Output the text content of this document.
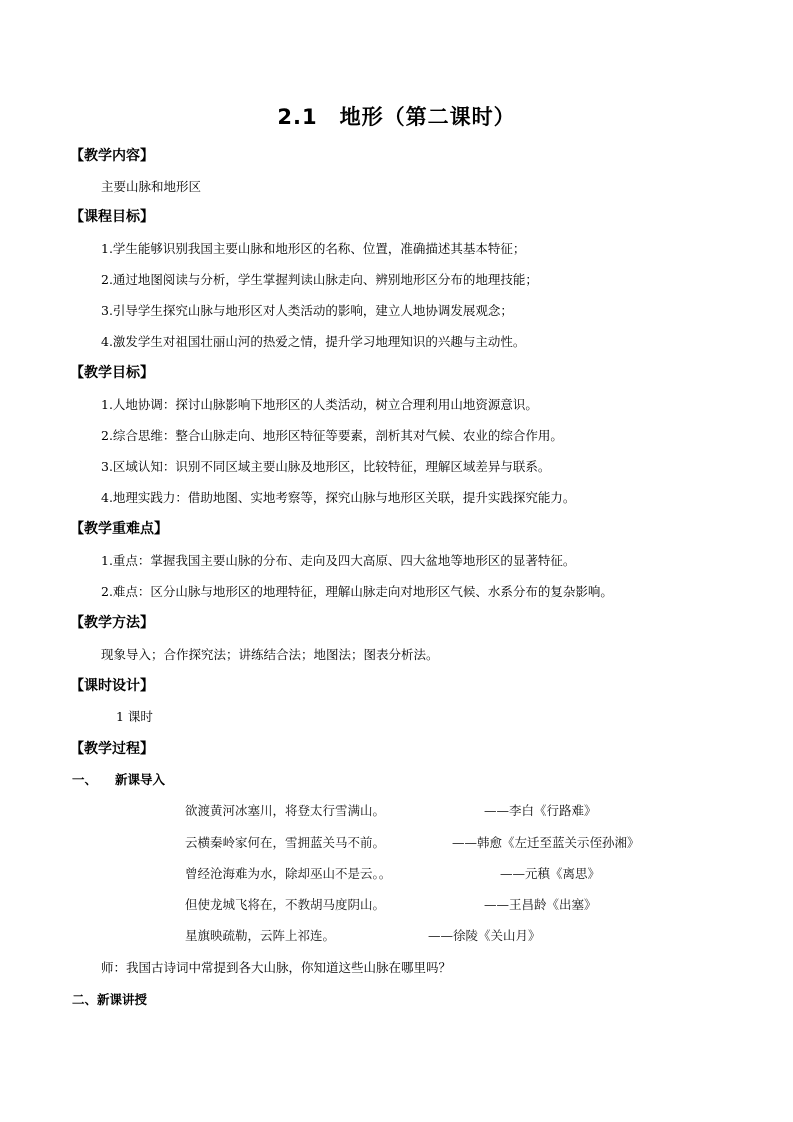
2.1 地形（第二课时）
【教学内容】
主要山脉和地形区
【课程目标】
1.学生能够识别我国主要山脉和地形区的名称、位置，准确描述其基本特征；
2.通过地图阅读与分析，学生掌握判读山脉走向、辨别地形区分布的地理技能；
3.引导学生探究山脉与地形区对人类活动的影响，建立人地协调发展观念；
4.激发学生对祖国壮丽山河的热爱之情，提升学习地理知识的兴趣与主动性。
【教学目标】
1.人地协调：探讨山脉影响下地形区的人类活动，树立合理利用山地资源意识。
2.综合思维：整合山脉走向、地形区特征等要素，剖析其对气候、农业的综合作用。
3.区域认知：识别不同区域主要山脉及地形区，比较特征，理解区域差异与联系。
4.地理实践力：借助地图、实地考察等，探究山脉与地形区关联，提升实践探究能力。
【教学重难点】
1.重点：掌握我国主要山脉的分布、走向及四大高原、四大盆地等地形区的显著特征。
2.难点：区分山脉与地形区的地理特征，理解山脉走向对地形区气候、水系分布的复杂影响。
【教学方法】
现象导入；合作探究法；讲练结合法；地图法；图表分析法。
【课时设计】
1 课时
【教学过程】
一、 新课导入
欲渡黄河冰塞川，将登太行雪满山。	——李白《行路难》
云横秦岭家何在，雪拥蓝关马不前。	——韩愈《左迁至蓝关示侄孙湘》
曾经沧海难为水，除却巫山不是云。。	——元稹《离思》
但使龙城飞将在，不教胡马度阴山。	——王昌龄《出塞》
星旗映疏勒，云阵上祁连。	——徐陵《关山月》
师：我国古诗词中常提到各大山脉，你知道这些山脉在哪里吗？
二、新课讲授
